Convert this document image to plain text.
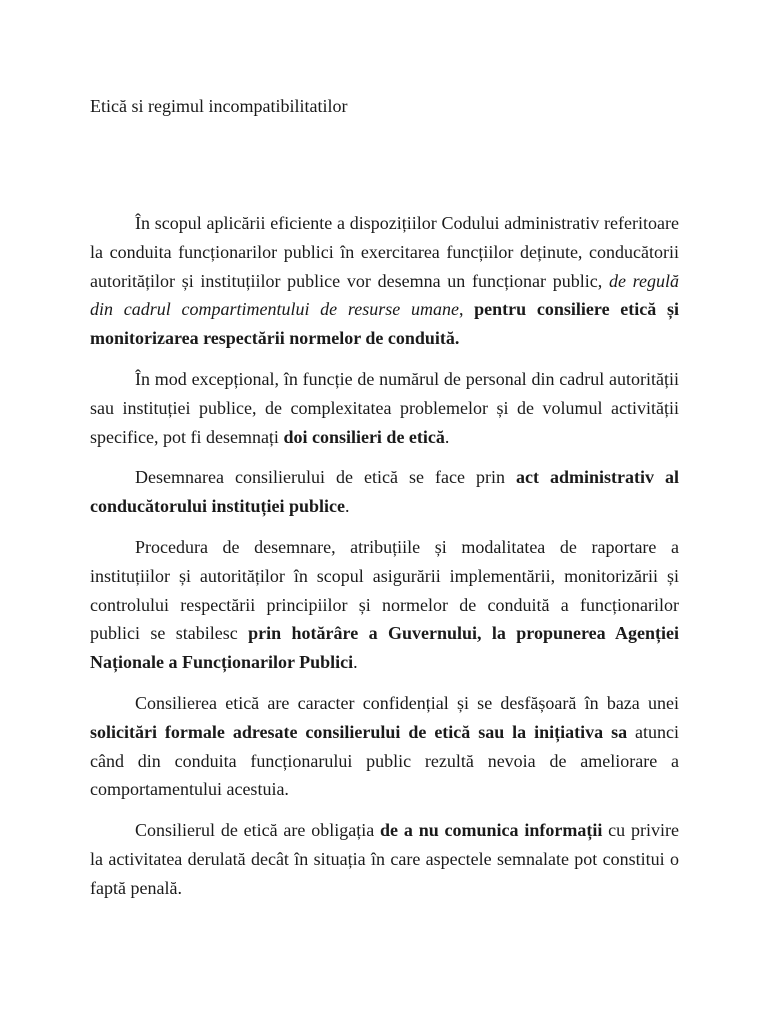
Etică si regimul incompatibilitatilor

În scopul aplicării eficiente a dispozițiilor Codului administrativ referitoare la conduita funcționarilor publici în exercitarea funcțiilor deținute, conducătorii autorităților și instituțiilor publice vor desemna un funcționar public, de regulă din cadrul compartimentului de resurse umane, pentru consiliere etică și monitorizarea respectării normelor de conduită.

În mod excepțional, în funcție de numărul de personal din cadrul autorității sau instituției publice, de complexitatea problemelor și de volumul activității specifice, pot fi desemnați doi consilieri de etică.

Desemnarea consilierului de etică se face prin act administrativ al conducătorului instituției publice.

Procedura de desemnare, atribuțiile și modalitatea de raportare a instituțiilor și autorităților în scopul asigurării implementării, monitorizării și controlului respectării principiilor și normelor de conduită a funcționarilor publici se stabilesc prin hotărâre a Guvernului, la propunerea Agenției Naționale a Funcționarilor Publici.

Consilierea etică are caracter confidențial și se desfășoară în baza unei solicitări formale adresate consilierului de etică sau la inițiativa sa atunci când din conduita funcționarului public rezultă nevoia de ameliorare a comportamentului acestuia.

Consilierul de etică are obligația de a nu comunica informații cu privire la activitatea derulată decât în situația în care aspectele semnalate pot constitui o faptă penală.
